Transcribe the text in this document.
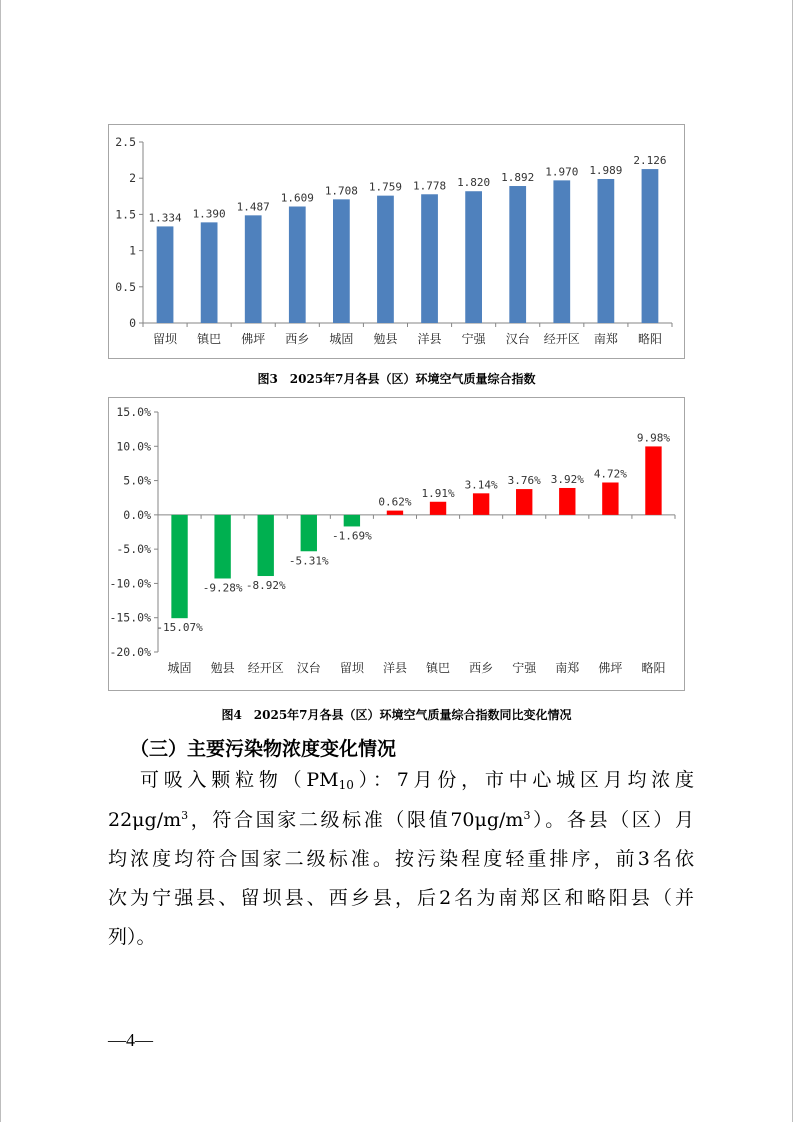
0
0.5
1
1.5
2
2.5
1.334
留坝
1.390
镇巴
1.487
佛坪
1.609
西乡
1.708
城固
1.759
勉县
1.778
洋县
1.820
宁强
1.892
汉台
1.970
经开区
1.989
南郑
2.126
略阳
图3　2025年7月各县（区）环境空气质量综合指数
-20.0%
-15.0%
-10.0%
-5.0%
0.0%
5.0%
10.0%
15.0%
-15.07%
城固
-9.28%
勉县
-8.92%
经开区
-5.31%
汉台
-1.69%
留坝
0.62%
洋县
1.91%
镇巴
3.14%
西乡
3.76%
宁强
3.92%
南郑
4.72%
佛坪
9.98%
略阳
图4　2025年7月各县（区）环境空气质量综合指数同比变化情况
（三）主要污染物浓度变化情况
可吸入颗粒物$(PM_{10})$：7月份，市中心城区月均浓度
$22\mu g/m^3$，符合国家二级标准（限值$70\mu g/m^3$）。各县（区）月
均浓度均符合国家二级标准。按污染程度轻重排序，前3名依
次为宁强县、留坝县、西乡县，后2名为南郑区和略阳县（并
列）。
—4—
